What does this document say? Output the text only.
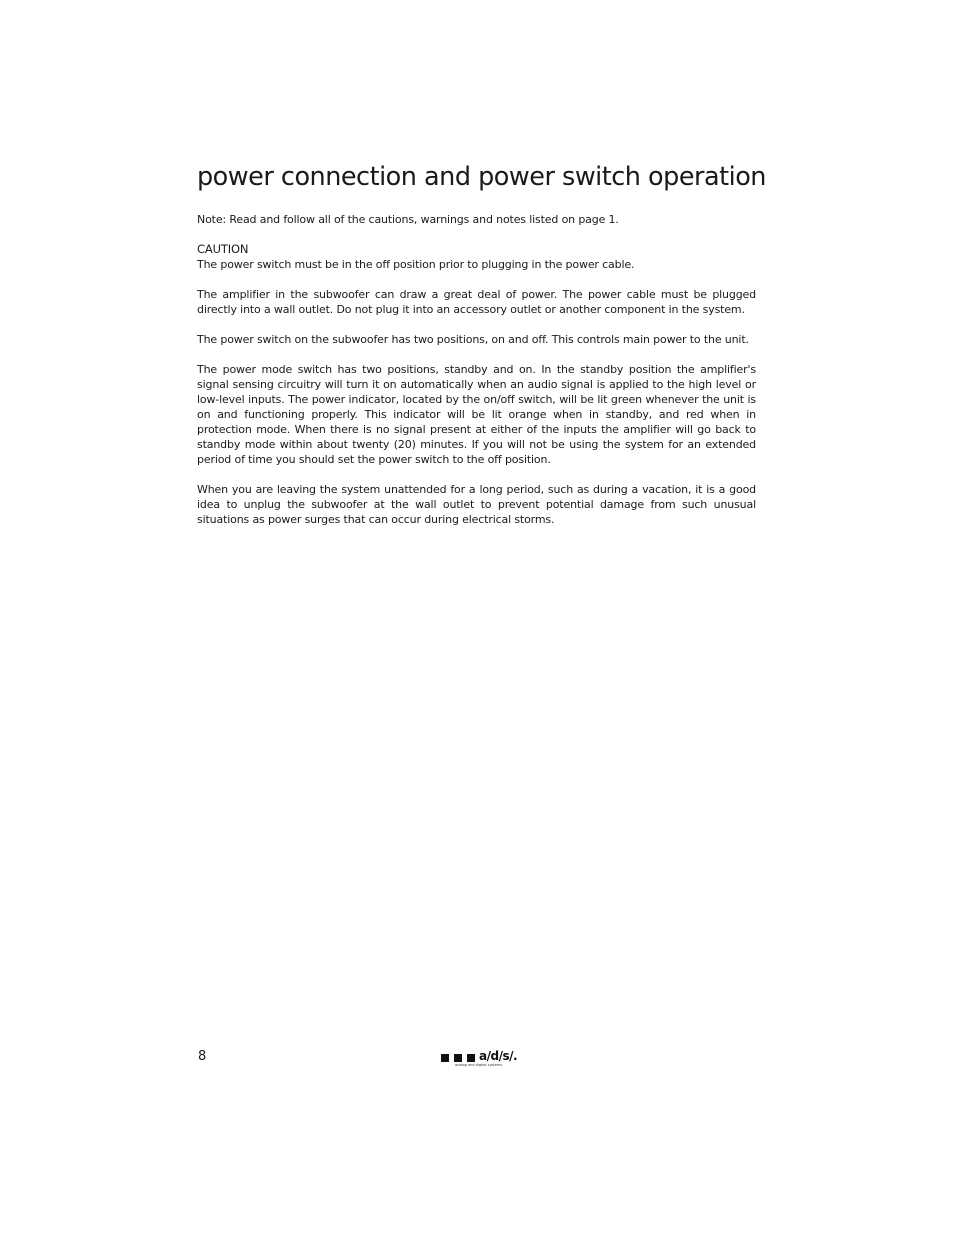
power connection and power switch operation

Note: Read and follow all of the cautions, warnings and notes listed on page 1.

CAUTION
The power switch must be in the off position prior to plugging in the power cable.

The amplifier in the subwoofer can draw a great deal of power. The power cable must be plugged directly into a wall outlet. Do not plug it into an accessory outlet or another component in the system.

The power switch on the subwoofer has two positions, on and off. This controls main power to the unit.

The power mode switch has two positions, standby and on. In the standby position the amplifier's signal sensing circuitry will turn it on automatically when an audio signal is applied to the high level or low-level inputs. The power indicator, located by the on/off switch, will be lit green whenever the unit is on and functioning properly. This indicator will be lit orange when in standby, and red when in protection mode. When there is no signal present at either of the inputs the amplifier will go back to standby mode within about twenty (20) minutes. If you will not be using the system for an extended period of time you should set the power switch to the off position.

When you are leaving the system unattended for a long period, such as during a vacation, it is a good idea to unplug the subwoofer at the wall outlet to prevent potential damage from such unusual situations as power surges that can occur during electrical storms.

8	a/d/s/.
analog and digital systems
